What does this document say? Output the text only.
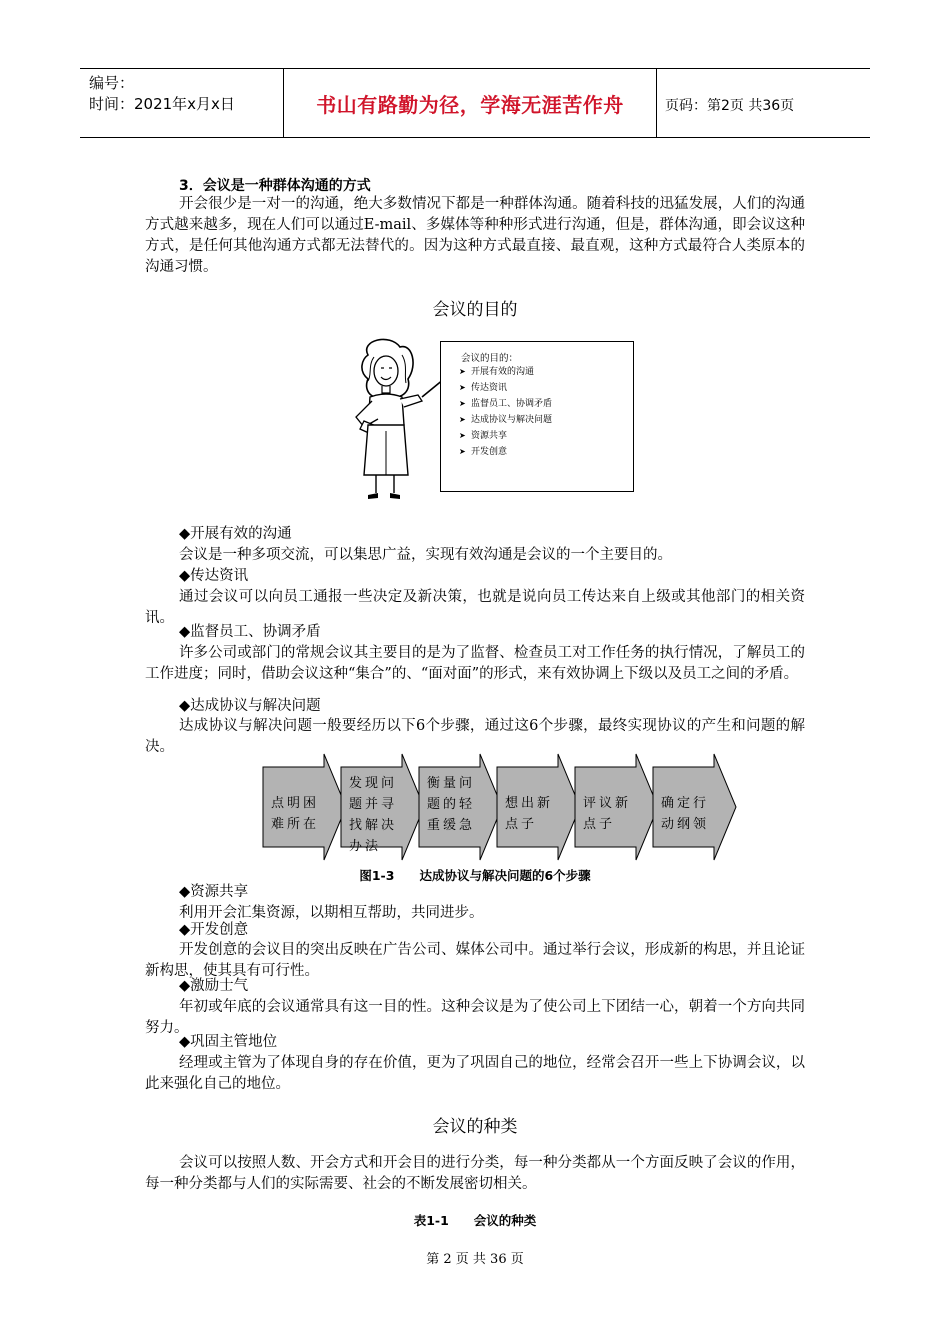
编号：
时间：2021年x月x日	书山有路勤为径，学海无涯苦作舟	页码：第2页 共36页
3．会议是一种群体沟通的方式
开会很少是一对一的沟通，绝大多数情况下都是一种群体沟通。随着科技的迅猛发展，人们的沟通方式越来越多，现在人们可以通过E-mail、多媒体等种种形式进行沟通，但是，群体沟通，即会议这种方式，是任何其他沟通方式都无法替代的。因为这种方式最直接、最直观，这种方式最符合人类原本的沟通习惯。
会议的目的
会议的目的：
➤ 开展有效的沟通
➤ 传达资讯
➤ 监督员工、协调矛盾
➤ 达成协议与解决问题
➤ 资源共享
➤ 开发创意
◆开展有效的沟通
会议是一种多项交流，可以集思广益，实现有效沟通是会议的一个主要目的。
◆传达资讯
通过会议可以向员工通报一些决定及新决策，也就是说向员工传达来自上级或其他部门的相关资讯。
◆监督员工、协调矛盾
许多公司或部门的常规会议其主要目的是为了监督、检查员工对工作任务的执行情况，了解员工的工作进度；同时，借助会议这种“集合”的、“面对面”的形式，来有效协调上下级以及员工之间的矛盾。
◆达成协议与解决问题
达成协议与解决问题一般要经历以下6个步骤，通过这6个步骤，最终实现协议的产生和问题的解决。
点明困难所在
发现问题并寻找解决办法
衡量问题的轻重缓急
想出新点子
评议新点子
确定行动纲领
图1-3　　达成协议与解决问题的6个步骤
◆资源共享
利用开会汇集资源，以期相互帮助，共同进步。
◆开发创意
开发创意的会议目的突出反映在广告公司、媒体公司中。通过举行会议，形成新的构思，并且论证新构思，使其具有可行性。
◆激励士气
年初或年底的会议通常具有这一目的性。这种会议是为了使公司上下团结一心，朝着一个方向共同努力。
◆巩固主管地位
经理或主管为了体现自身的存在价值，更为了巩固自己的地位，经常会召开一些上下协调会议，以此来强化自己的地位。
会议的种类
会议可以按照人数、开会方式和开会目的进行分类，每一种分类都从一个方面反映了会议的作用，每一种分类都与人们的实际需要、社会的不断发展密切相关。
表1-1　　会议的种类
第 2 页 共 36 页
